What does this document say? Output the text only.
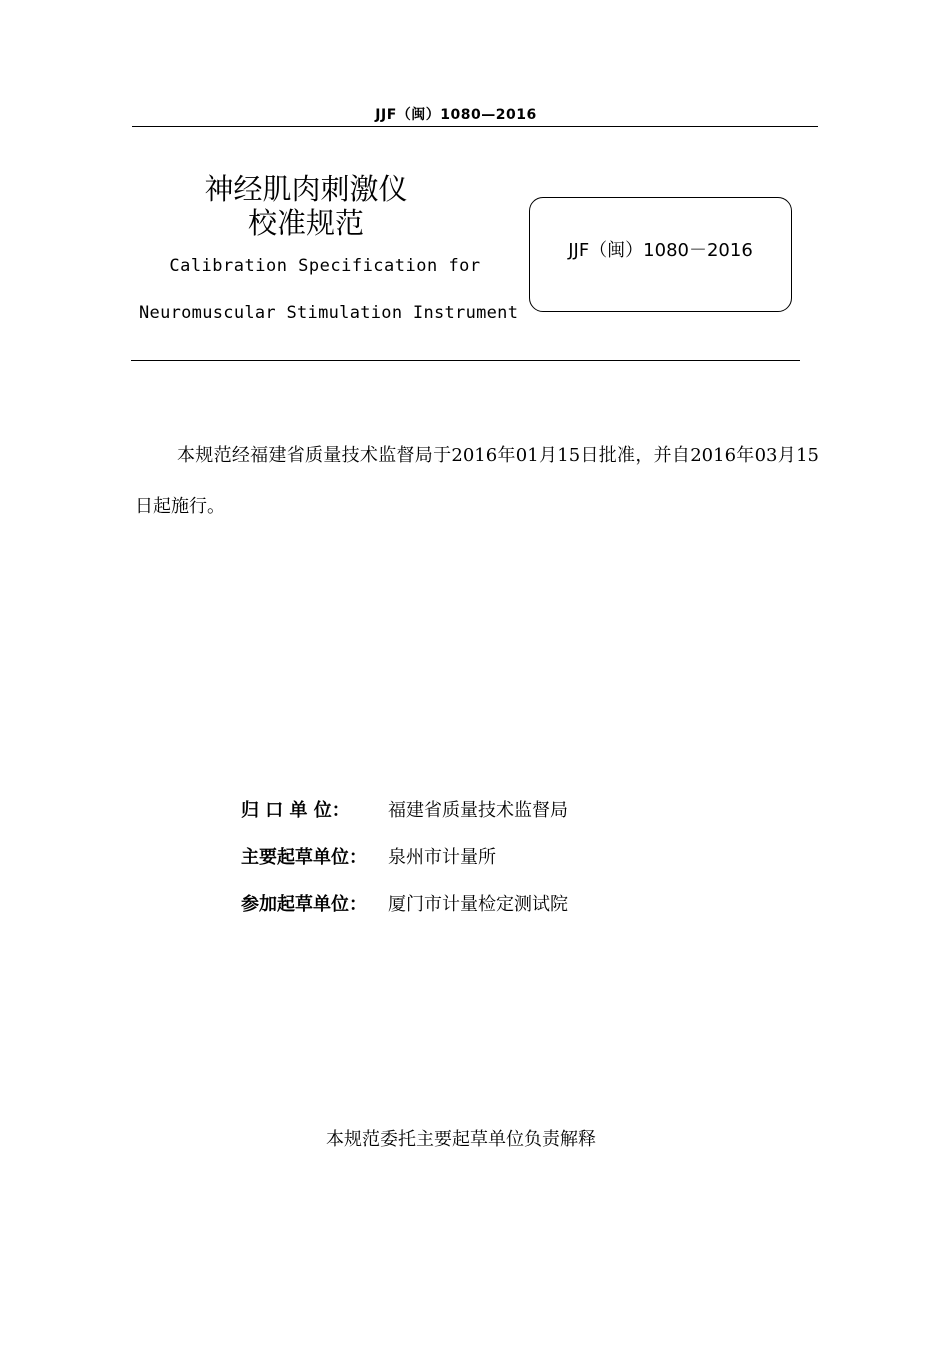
JJF（闽）1080—2016
神经肌肉刺激仪
校准规范
Calibration Specification for
Neuromuscular Stimulation Instrument
JJF（闽）1080－2016
本规范经福建省质量技术监督局于2016年01月15日批准，并自2016年03月15日起施行。
归 口 单 位： 福建省质量技术监督局
主要起草单位： 泉州市计量所
参加起草单位： 厦门市计量检定测试院
本规范委托主要起草单位负责解释
